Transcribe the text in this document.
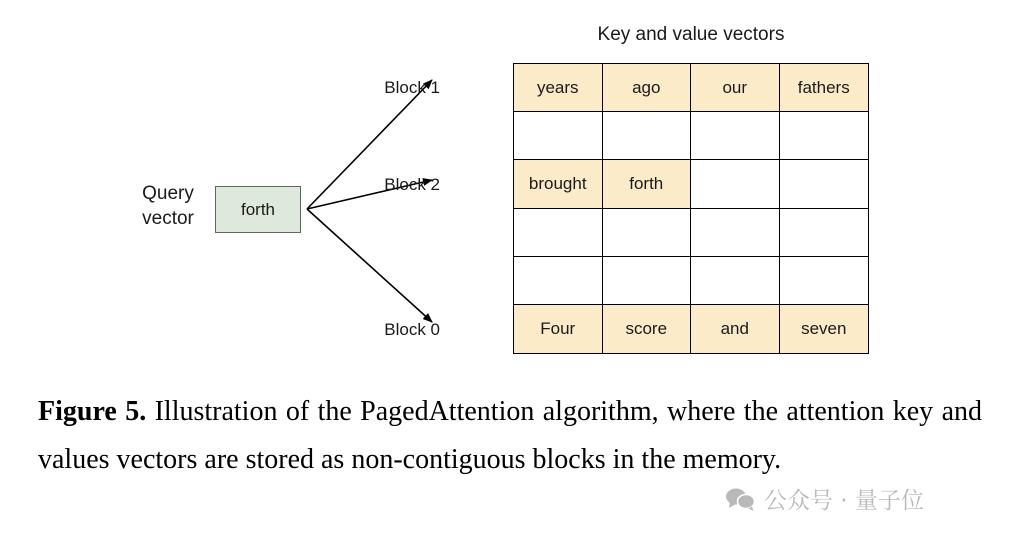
Key and value vectors
Query
vector	forth
Block 1
Block 2
Block 0
years	ago	our	fathers
brought	forth
Four	score	and	seven
Figure 5. Illustration of the PagedAttention algorithm, where the attention key and values vectors are stored as non-contiguous blocks in the memory.
公众号 · 量子位
